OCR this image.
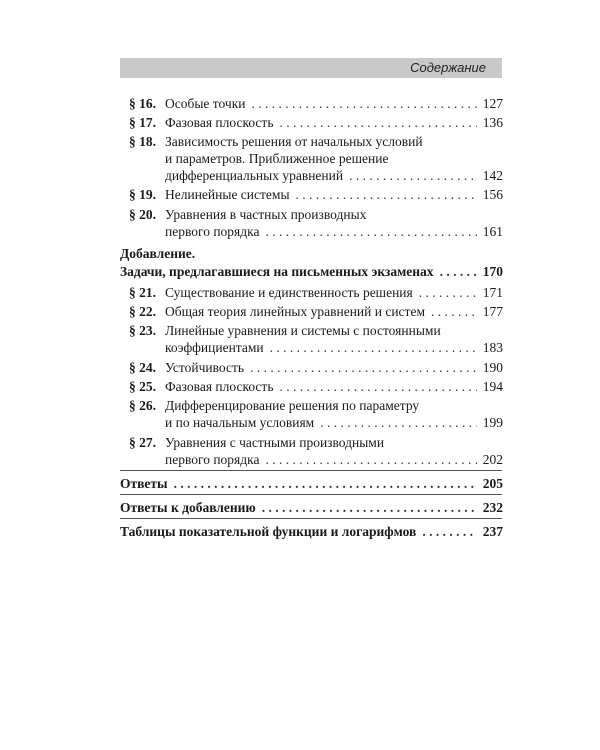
Содержание
§ 16. Особые точки . . .	127
§ 17. Фазовая плоскость . . .	136
§ 18. Зависимость решения от начальных условий
и параметров. Приближенное решение
дифференциальных уравнений . . .	142
§ 19. Нелинейные системы . . .	156
§ 20. Уравнения в частных производных
первого порядка . . .	161
Добавление.
Задачи, предлагавшиеся на письменных экзаменах . . .	170
§ 21. Существование и единственность решения . . .	171
§ 22. Общая теория линейных уравнений и систем . . .	177
§ 23. Линейные уравнения и системы с постоянными
коэффициентами . . .	183
§ 24. Устойчивость . . .	190
§ 25. Фазовая плоскость . . .	194
§ 26. Дифференцирование решения по параметру
и по начальным условиям . . .	199
§ 27. Уравнения с частными производными
первого порядка . . .	202
Ответы . . .	205
Ответы к добавлению . . .	232
Таблицы показательной функции и логарифмов . . .	237
